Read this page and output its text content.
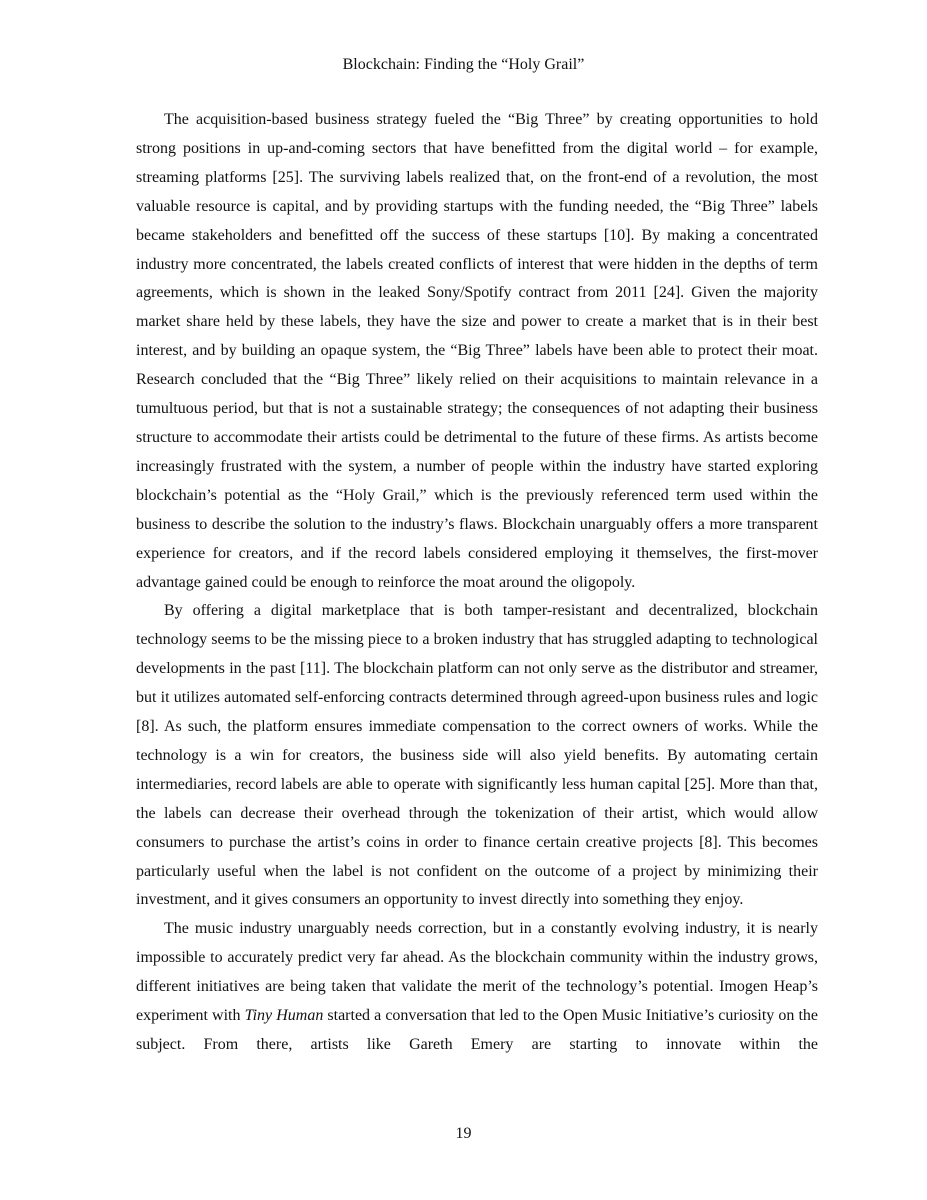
Blockchain: Finding the “Holy Grail”

The acquisition-based business strategy fueled the “Big Three” by creating opportunities to hold strong positions in up-and-coming sectors that have benefitted from the digital world – for example, streaming platforms [25]. The surviving labels realized that, on the front-end of a revolution, the most valuable resource is capital, and by providing startups with the funding needed, the “Big Three” labels became stakeholders and benefitted off the success of these startups [10]. By making a concentrated industry more concentrated, the labels created conflicts of interest that were hidden in the depths of term agreements, which is shown in the leaked Sony/Spotify contract from 2011 [24]. Given the majority market share held by these labels, they have the size and power to create a market that is in their best interest, and by building an opaque system, the “Big Three” labels have been able to protect their moat. Research concluded that the “Big Three” likely relied on their acquisitions to maintain relevance in a tumultuous period, but that is not a sustainable strategy; the consequences of not adapting their business structure to accommodate their artists could be detrimental to the future of these firms. As artists become increasingly frustrated with the system, a number of people within the industry have started exploring blockchain’s potential as the “Holy Grail,” which is the previously referenced term used within the business to describe the solution to the industry’s flaws. Blockchain unarguably offers a more transparent experience for creators, and if the record labels considered employing it themselves, the first-mover advantage gained could be enough to reinforce the moat around the oligopoly.

By offering a digital marketplace that is both tamper-resistant and decentralized, blockchain technology seems to be the missing piece to a broken industry that has struggled adapting to technological developments in the past [11]. The blockchain platform can not only serve as the distributor and streamer, but it utilizes automated self-enforcing contracts determined through agreed-upon business rules and logic [8]. As such, the platform ensures immediate compensation to the correct owners of works. While the technology is a win for creators, the business side will also yield benefits. By automating certain intermediaries, record labels are able to operate with significantly less human capital [25]. More than that, the labels can decrease their overhead through the tokenization of their artist, which would allow consumers to purchase the artist’s coins in order to finance certain creative projects [8]. This becomes particularly useful when the label is not confident on the outcome of a project by minimizing their investment, and it gives consumers an opportunity to invest directly into something they enjoy.

The music industry unarguably needs correction, but in a constantly evolving industry, it is nearly impossible to accurately predict very far ahead. As the blockchain community within the industry grows, different initiatives are being taken that validate the merit of the technology’s potential. Imogen Heap’s experiment with Tiny Human started a conversation that led to the Open Music Initiative’s curiosity on the subject. From there, artists like Gareth Emery are starting to innovate within the

19
